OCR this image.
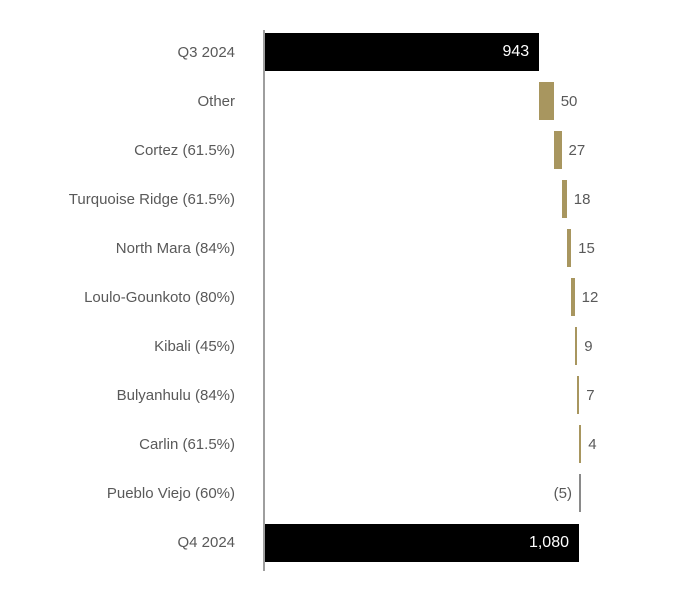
Q3 2024	943
Other	50
Cortez (61.5%)	27
Turquoise Ridge (61.5%)	18
North Mara (84%)	15
Loulo-Gounkoto (80%)	12
Kibali (45%)	9
Bulyanhulu (84%)	7
Carlin (61.5%)	4
Pueblo Viejo (60%)	(5)
Q4 2024	1,080
